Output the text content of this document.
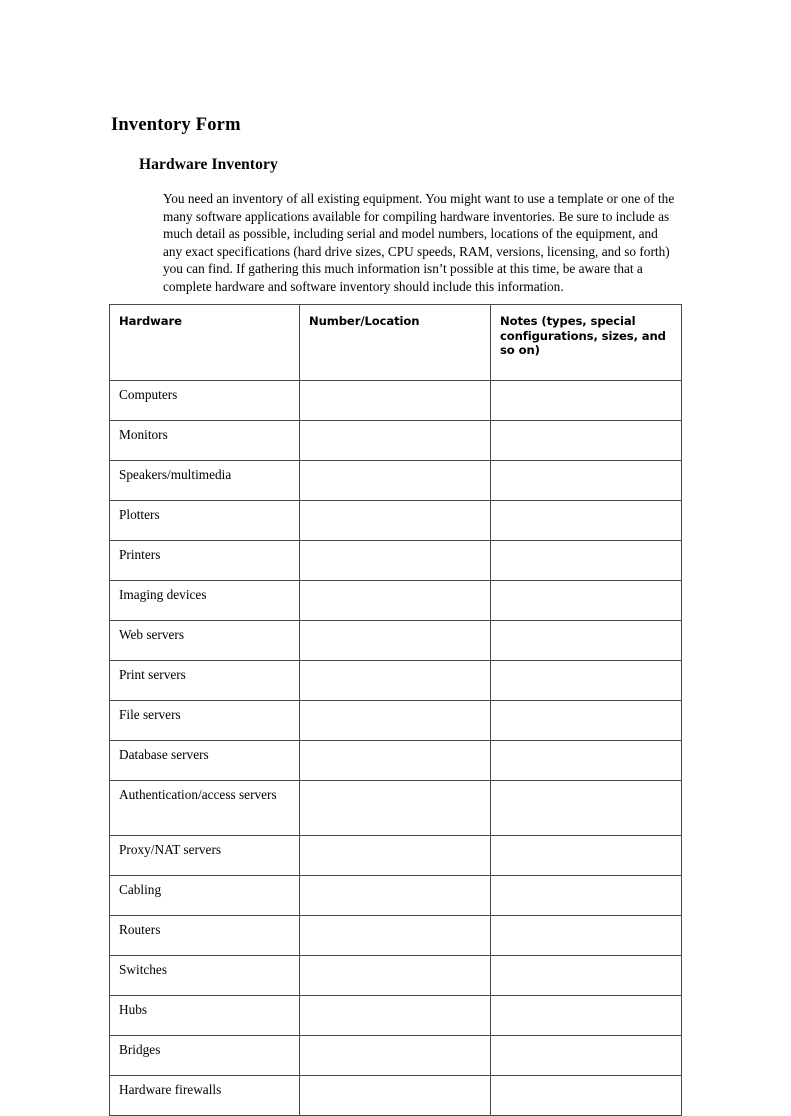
Inventory Form
Hardware Inventory

You need an inventory of all existing equipment. You might want to use a template or one of the many software applications available for compiling hardware inventories. Be sure to include as much detail as possible, including serial and model numbers, locations of the equipment, and any exact specifications (hard drive sizes, CPU speeds, RAM, versions, licensing, and so forth) you can find. If gathering this much information isn’t possible at this time, be aware that a complete hardware and software inventory should include this information.

Hardware	Number/Location	Notes (types, special configurations, sizes, and so on)

Computers		

Monitors		

Speakers/multimedia		

Plotters		

Printers		

Imaging devices		

Web servers		

Print servers		

File servers		

Database servers		

Authentication/access servers		

Proxy/NAT servers		

Cabling		

Routers		

Switches		

Hubs		

Bridges		

Hardware firewalls		
